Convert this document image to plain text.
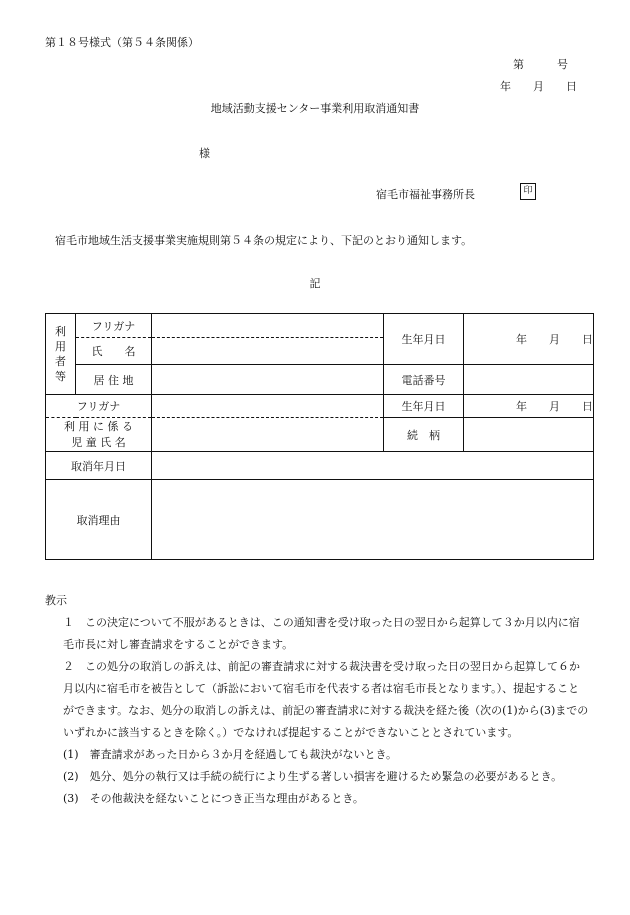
第１８号様式（第５４条関係）
第　　　号
年　　月　　日
地域活動支援センター事業利用取消通知書
様
宿毛市福祉事務所長	印
宿毛市地域生活支援事業実施規則第５４条の規定により、下記のとおり通知します。
記
利用者等	フリガナ		生年月日	年　　月　　日
	氏　　名			
	居 住 地		電話番号	
フリガナ			生年月日	年　　月　　日

利 用 に 係 る
児 童 氏 名			続　柄	
取消年月日				
取消理由				

教示

１　この決定について不服があるときは、この通知書を受け取った日の翌日から起算して３か月以内に宿毛市長に対し審査請求をすることができます。

２　この処分の取消しの訴えは、前記の審査請求に対する裁決書を受け取った日の翌日から起算して６か月以内に宿毛市を被告として（訴訟において宿毛市を代表する者は宿毛市長となります。）、提起することができます。なお、処分の取消しの訴えは、前記の審査請求に対する裁決を経た後（次の(1)から(3)までのいずれかに該当するときを除く。）でなければ提起することができないこととされています。

(1)　審査請求があった日から３か月を経過しても裁決がないとき。

(2)　処分、処分の執行又は手続の続行により生ずる著しい損害を避けるため緊急の必要があるとき。

(3)　その他裁決を経ないことにつき正当な理由があるとき。
